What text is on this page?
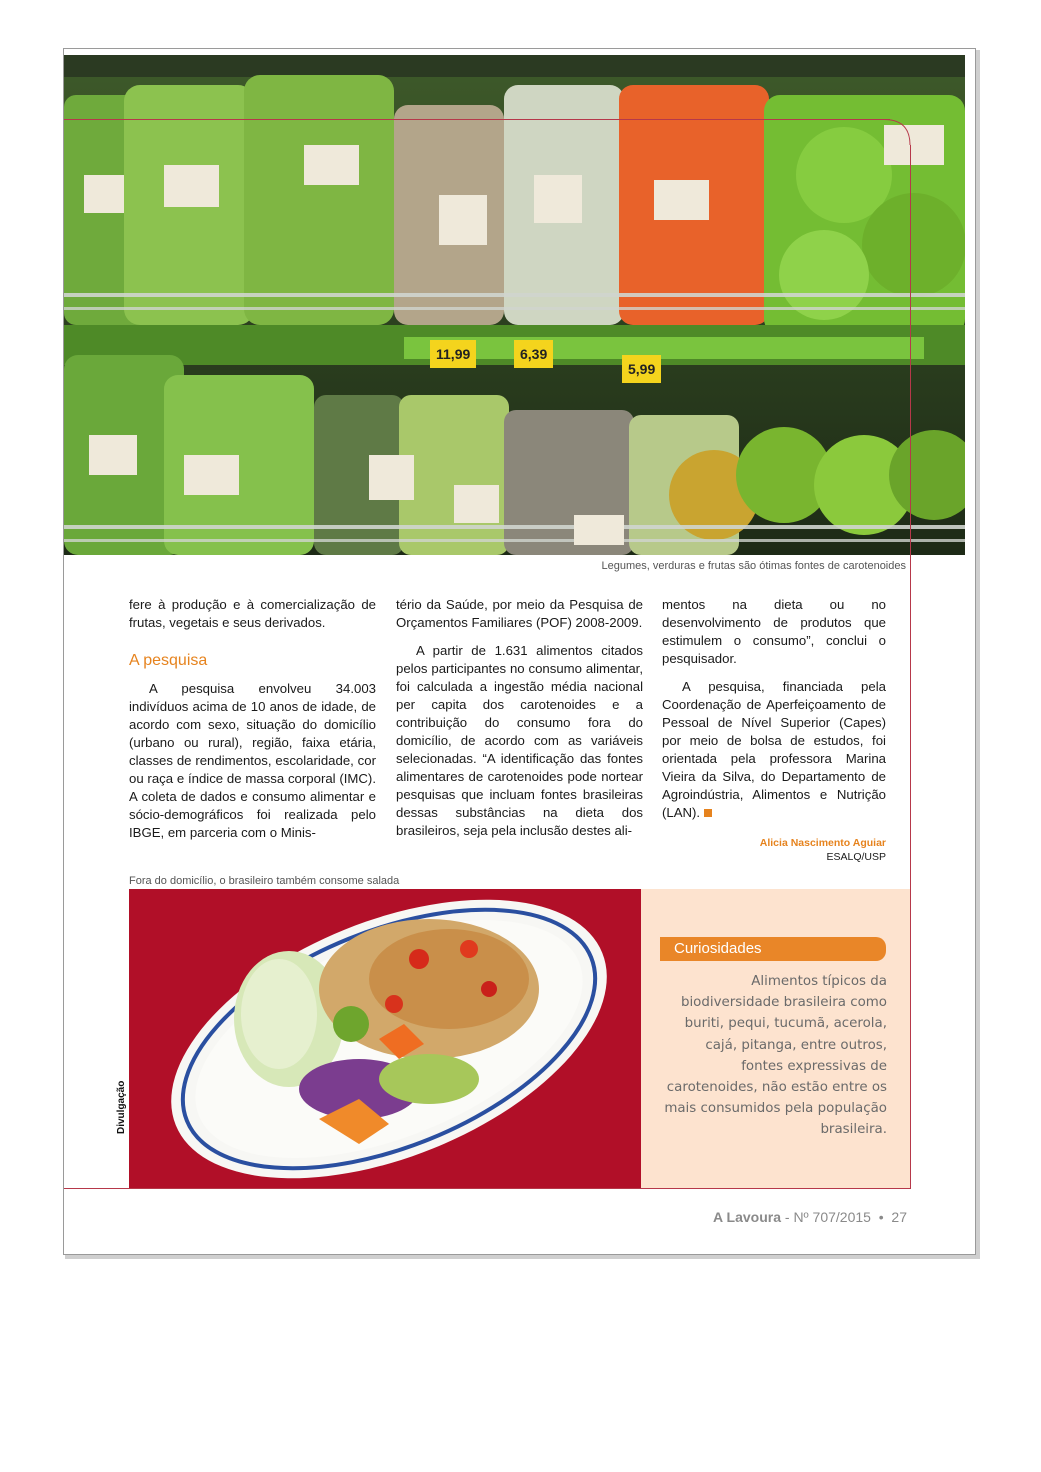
11,99	6,39
5,99
Legumes, verduras e frutas são ótimas fontes de carotenoides

fere à produção e à comercialização de frutas, vegetais e seus derivados.

A pesquisa

A pesquisa envolveu 34.003 indivíduos acima de 10 anos de idade, de acordo com sexo, situação do domicílio (urbano ou rural), região, faixa etária, classes de rendimentos, escolaridade, cor ou raça e índice de massa corporal (IMC). A coleta de dados e consumo alimentar e sócio-demográficos foi realizada pelo IBGE, em parceria com o Minis-

tério da Saúde, por meio da Pesquisa de Orçamentos Familiares (POF) 2008-2009.

A partir de 1.631 alimentos citados pelos participantes no consumo alimentar, foi calculada a ingestão média nacional per capita dos carotenoides e a contribuição do consumo fora do domicílio, de acordo com as variáveis selecionadas. “A identificação das fontes alimentares de carotenoides pode nortear pesquisas que incluam fontes brasileiras dessas substâncias na dieta dos brasileiros, seja pela inclusão destes ali-

mentos na dieta ou no desenvolvimento de produtos que estimulem o consumo”, conclui o pesquisador.

A pesquisa, financiada pela Coordenação de Aperfeiçoamento de Pessoal de Nível Superior (Capes) por meio de bolsa de estudos, foi orientada pela professora Marina Vieira da Silva, do Departamento de Agroindústria, Alimentos e Nutrição (LAN).

Alicia Nascimento Aguiar
ESALQ/USP
Fora do domicílio, o brasileiro também consome salada
Divulgação
Curiosidades
Alimentos típicos da biodiversidade brasileira como buriti, pequi, tucumã, acerola, cajá, pitanga, entre outros, fontes expressivas de carotenoides, não estão entre os mais consumidos pela população brasileira.
A Lavoura - Nº 707/2015 • 27
